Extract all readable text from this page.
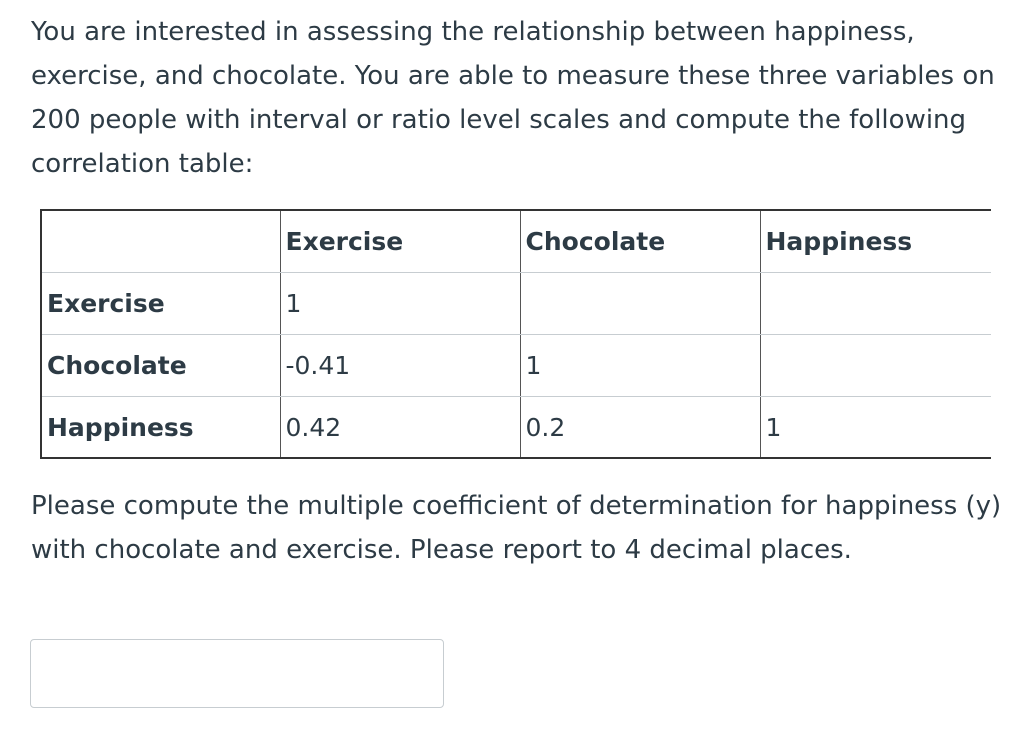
You are interested in assessing the relationship between happiness, exercise, and chocolate. You are able to measure these three variables on 200 people with interval or ratio level scales and compute the following correlation table:

	Exercise	Chocolate	Happiness
Exercise	1		
Chocolate	-0.41	1	
Happiness	0.42	0.2	1

Please compute the multiple coefficient of determination for happiness (y) with chocolate and exercise. Please report to 4 decimal places.
